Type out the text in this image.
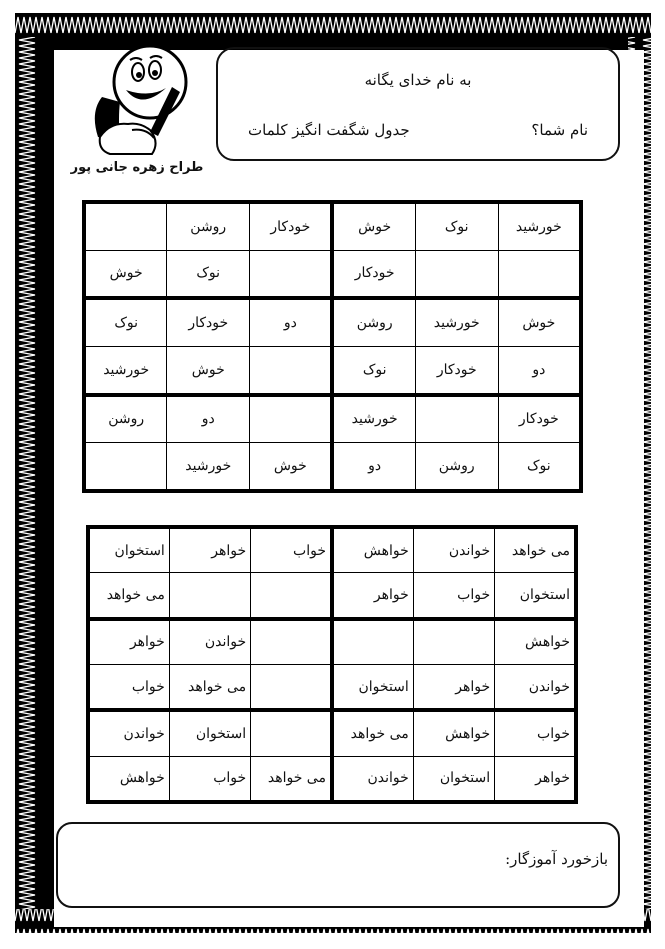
طراح زهره جانی پور
به نام خدای یگانه
نام شما؟
جدول شگفت انگیز کلمات
	روشن	خودکار	خوش	نوک	خورشید
خوش	نوک		خودکار		
نوک	خودکار	دو	روشن	خورشید	خوش
خورشید	خوش		نوک	خودکار	دو
روشن	دو		خورشید		خودکار
	خورشید	خوش	دو	روشن	نوک
استخوان	خواهر	خواب	خواهش	خواندن	می خواهد
می خواهد			خواهر	خواب	استخوان
خواهر	خواندن				خواهش
خواب	می خواهد		استخوان	خواهر	خواندن
خواندن	استخوان		می خواهد	خواهش	خواب
خواهش	خواب	می خواهد	خواندن	استخوان	خواهر
بازخورد آموزگار:
